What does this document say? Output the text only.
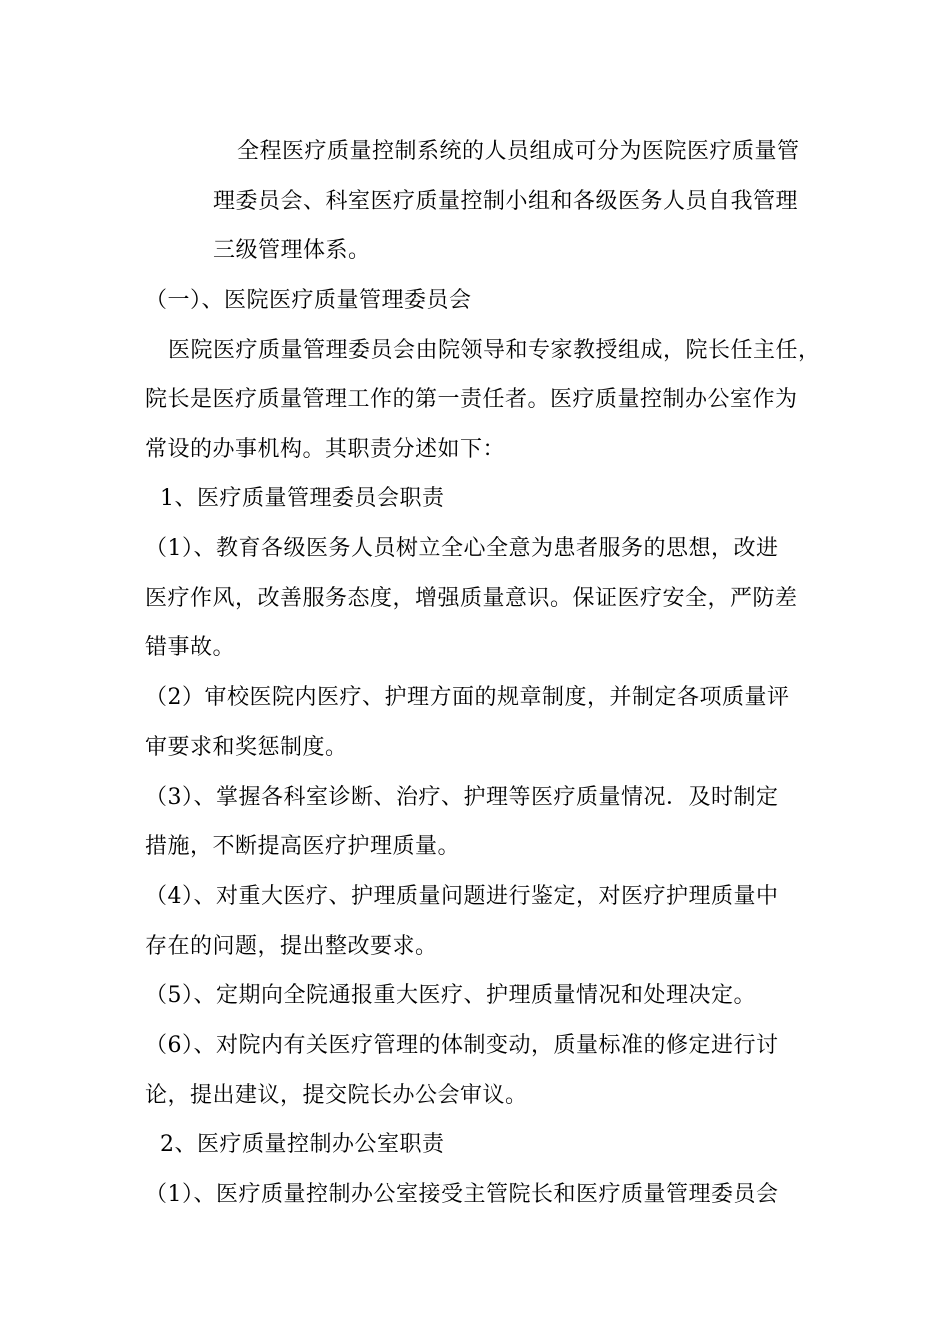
全程医疗质量控制系统的人员组成可分为医院医疗质量管
理委员会、科室医疗质量控制小组和各级医务人员自我管理
三级管理体系。
（一）、医院医疗质量管理委员会
医院医疗质量管理委员会由院领导和专家教授组成，院长任主任，
院长是医疗质量管理工作的第一责任者。医疗质量控制办公室作为
常设的办事机构。其职责分述如下：
1、医疗质量管理委员会职责
（1）、教育各级医务人员树立全心全意为患者服务的思想，改进
医疗作风，改善服务态度，增强质量意识。保证医疗安全，严防差
错事故。
（2）审校医院内医疗、护理方面的规章制度，并制定各项质量评
审要求和奖惩制度。
（3）、掌握各科室诊断、治疗、护理等医疗质量情况．及时制定
措施，不断提高医疗护理质量。
（4）、对重大医疗、护理质量问题进行鉴定，对医疗护理质量中
存在的问题，提出整改要求。
（5）、定期向全院通报重大医疗、护理质量情况和处理决定。
（6）、对院内有关医疗管理的体制变动，质量标准的修定进行讨
论，提出建议，提交院长办公会审议。
2、医疗质量控制办公室职责
（1）、医疗质量控制办公室接受主管院长和医疗质量管理委员会
